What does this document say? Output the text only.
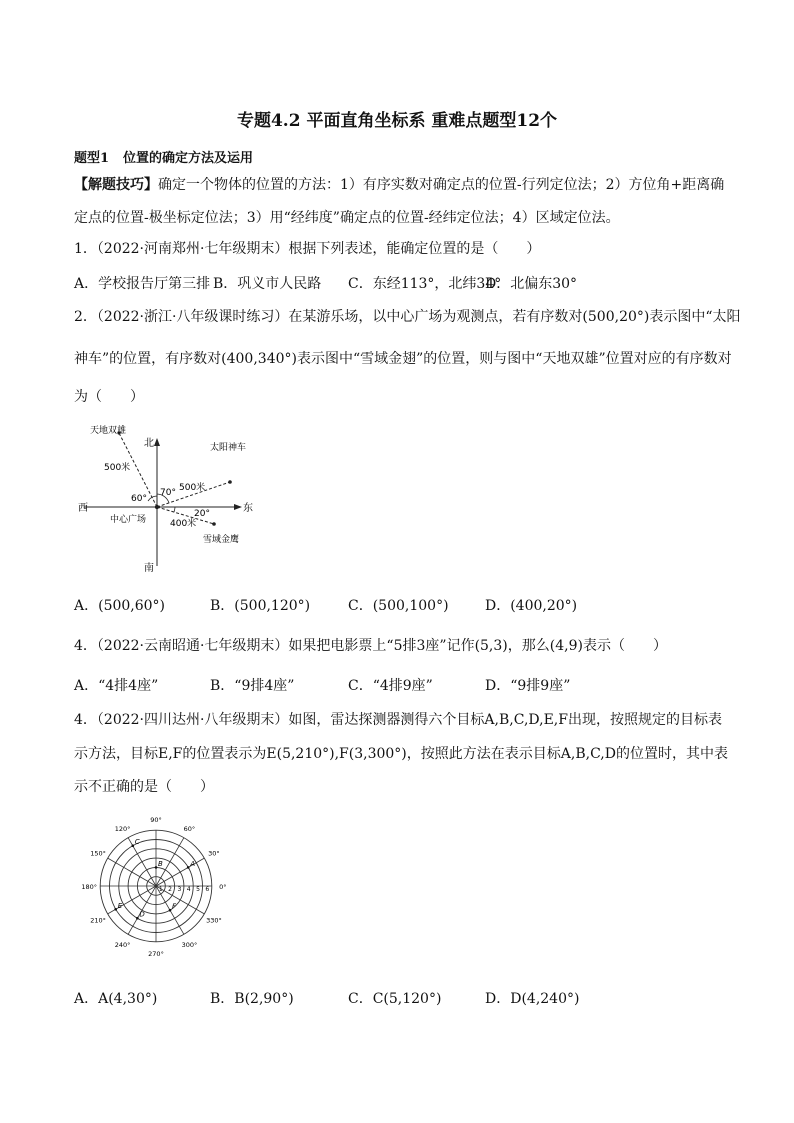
专题4.2 平面直角坐标系 重难点题型12个
题型1 位置的确定方法及运用
【解题技巧】确定一个物体的位置的方法：1）有序实数对确定点的位置-行列定位法；2）方位角+距离确
定点的位置-极坐标定位法；3）用“经纬度”确定点的位置-经纬定位法；4）区域定位法。
1．（2022·河南郑州·七年级期末）根据下列表述，能确定位置的是（　　）
A．学校报告厅第三排 B．巩义市人民路 C．东经113°，北纬34°
D．北偏东30°
2．（2022·浙江·八年级课时练习）在某游乐场，以中心广场为观测点，若有序数对(500,20°)表示图中“太阳
神车”的位置，有序数对(400,340°)表示图中“雪域金翅”的位置，则与图中“天地双雄”位置对应的有序数对
为（　　）
北
南
东
西
中心广场
天地双雄
太阳神车
雪域金鹰
500米
500米
400米
60°
70°
20°
A．(500,60°)	B．(500,120°)	C．(500,100°)	D．(400,20°)
4．（2022·云南昭通·七年级期末）如果把电影票上“5排3座”记作(5,3)，那么(4,9)表示（　　）
A．“4排4座”	B．“9排4座”	C．“4排9座”	D．“9排9座”
4．（2022·四川达州·八年级期末）如图，雷达探测器测得六个目标A,B,C,D,E,F出现，按照规定的目标表
示方法，目标E,F的位置表示为E(5,210°),F(3,300°)，按照此方法在表示目标A,B,C,D的位置时，其中表
示不正确的是（　　）
0°
30°
60°
90°
120°
150°
180°
210°
240°
270°
300°
330°
1 2 3 4 5 6
A
B
C
D
E	F
A．A(4,30°)	B．B(2,90°)	C．C(5,120°)	D．D(4,240°)
